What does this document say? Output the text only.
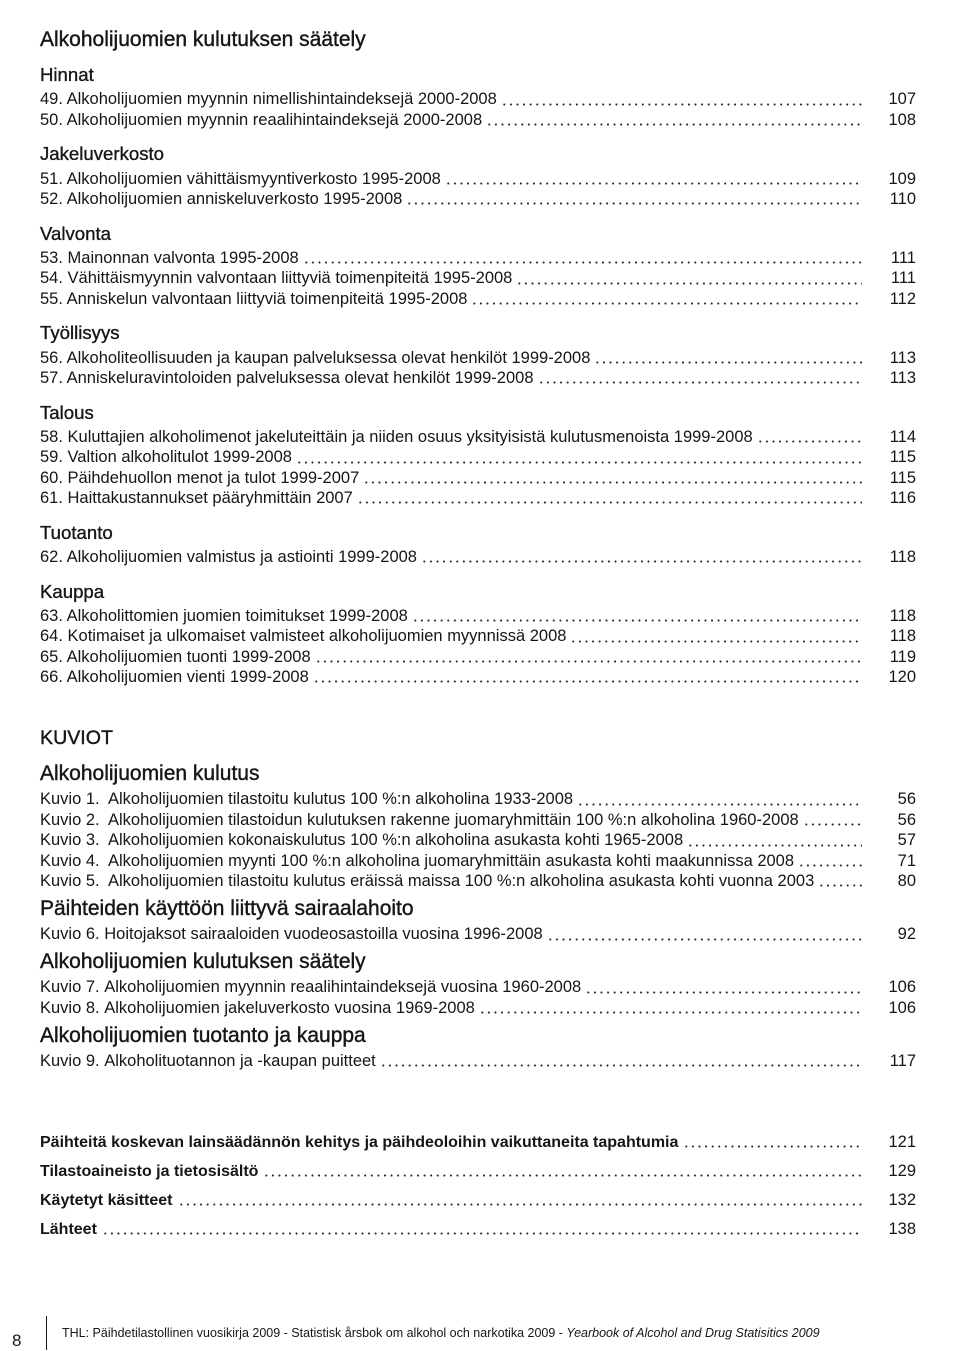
Alkoholijuomien kulutuksen säätely
Hinnat
49. Alkoholijuomien myynnin nimellishintaindeksejä 2000-2008	107
50. Alkoholijuomien myynnin reaalihintaindeksejä 2000-2008	108
Jakeluverkosto
51. Alkoholijuomien vähittäismyyntiverkosto 1995-2008	109
52. Alkoholijuomien anniskeluverkosto 1995-2008	110
Valvonta
53. Mainonnan valvonta 1995-2008	111
54. Vähittäismyynnin valvontaan liittyviä toimenpiteitä 1995-2008	111
55. Anniskelun valvontaan liittyviä toimenpiteitä 1995-2008	112
Työllisyys
56. Alkoholiteollisuuden ja kaupan palveluksessa olevat henkilöt 1999-2008	113
57. Anniskeluravintoloiden palveluksessa olevat henkilöt 1999-2008	113
Talous
58. Kuluttajien alkoholimenot jakeluteittäin ja niiden osuus yksityisistä kulutusmenoista 1999-2008	114
59. Valtion alkoholitulot 1999-2008	115
60. Päihdehuollon menot ja tulot 1999-2007	115
61. Haittakustannukset pääryhmittäin 2007	116
Tuotanto
62. Alkoholijuomien valmistus ja astiointi 1999-2008	118
Kauppa
63. Alkoholittomien juomien toimitukset 1999-2008	118
64. Kotimaiset ja ulkomaiset valmisteet alkoholijuomien myynnissä 2008	118
65. Alkoholijuomien tuonti 1999-2008	119
66. Alkoholijuomien vienti 1999-2008	120
KUVIOT
Alkoholijuomien kulutus
Kuvio 1. Alkoholijuomien tilastoitu kulutus 100 %:n alkoholina 1933-2008	56
Kuvio 2. Alkoholijuomien tilastoidun kulutuksen rakenne juomaryhmittäin 100 %:n alkoholina 1960-2008	56
Kuvio 3. Alkoholijuomien kokonaiskulutus 100 %:n alkoholina asukasta kohti 1965-2008	57
Kuvio 4. Alkoholijuomien myynti 100 %:n alkoholina juomaryhmittäin asukasta kohti maakunnissa 2008	71
Kuvio 5. Alkoholijuomien tilastoitu kulutus eräissä maissa 100 %:n alkoholina asukasta kohti vuonna 2003	80
Päihteiden käyttöön liittyvä sairaalahoito
Kuvio 6. Hoitojaksot sairaaloiden vuodeosastoilla vuosina 1996-2008	92
Alkoholijuomien kulutuksen säätely
Kuvio 7. Alkoholijuomien myynnin reaalihintaindeksejä vuosina 1960-2008	106
Kuvio 8. Alkoholijuomien jakeluverkosto vuosina 1969-2008	106
Alkoholijuomien tuotanto ja kauppa
Kuvio 9. Alkoholituotannon ja -kaupan puitteet	117
Päihteitä koskevan lainsäädännön kehitys ja päihdeoloihin vaikuttaneita tapahtumia	121
Tilastoaineisto ja tietosisältö	129
Käytetyt käsitteet	132
Lähteet	138
8	THL: Päihdetilastollinen vuosikirja 2009 - Statistisk årsbok om alkohol och narkotika 2009 - Yearbook of Alcohol and Drug Statisitics 2009
